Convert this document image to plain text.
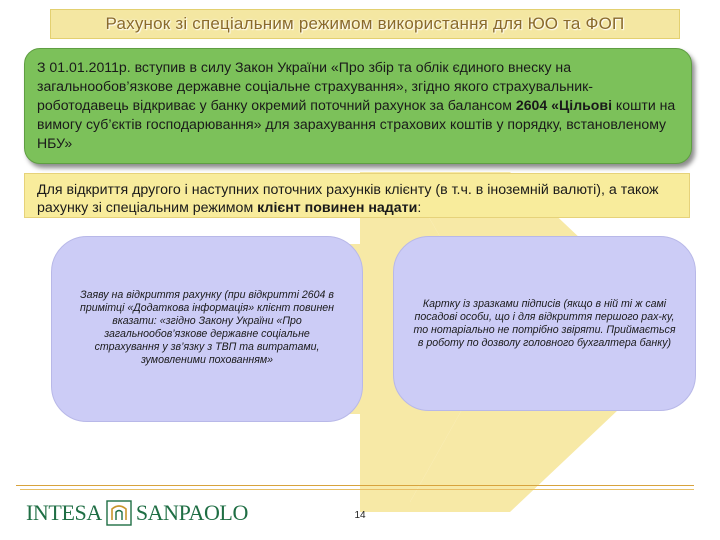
Рахунок зі спеціальним режимом використання для ЮО та ФОП

З 01.01.2011р. вступив в силу Закон України «Про збір та облік єдиного внеску на загальнообов’язкове державне соціальне страхування», згідно якого страхувальник-роботодавець відкриває у банку окремий поточний рахунок за балансом 2604 «Цільові кошти на вимогу суб’єктів господарювання» для зарахування страхових коштів у порядку, встановленому НБУ»

Для відкриття другого і наступних поточних рахунків клієнту (в т.ч. в іноземній валюті), а також рахунку зі спеціальним режимом клієнт повинен надати:

Заяву на відкриття рахунку (при відкритті 2604 в примітці «Додаткова інформація» клієнт повинен вказати: «згідно Закону України «Про загальнообов’язкове державне соціальне страхування у зв’язку з ТВП та витратами, зумовленими похованням»

Картку із зразками підписів (якщо в ній ті ж самі посадові особи, що і для відкриття першого рах-ку, то нотаріально не потрібно звіряти. Приймається в роботу по дозволу головного бухгалтера банку)

INTESA SANPAOLO	14
